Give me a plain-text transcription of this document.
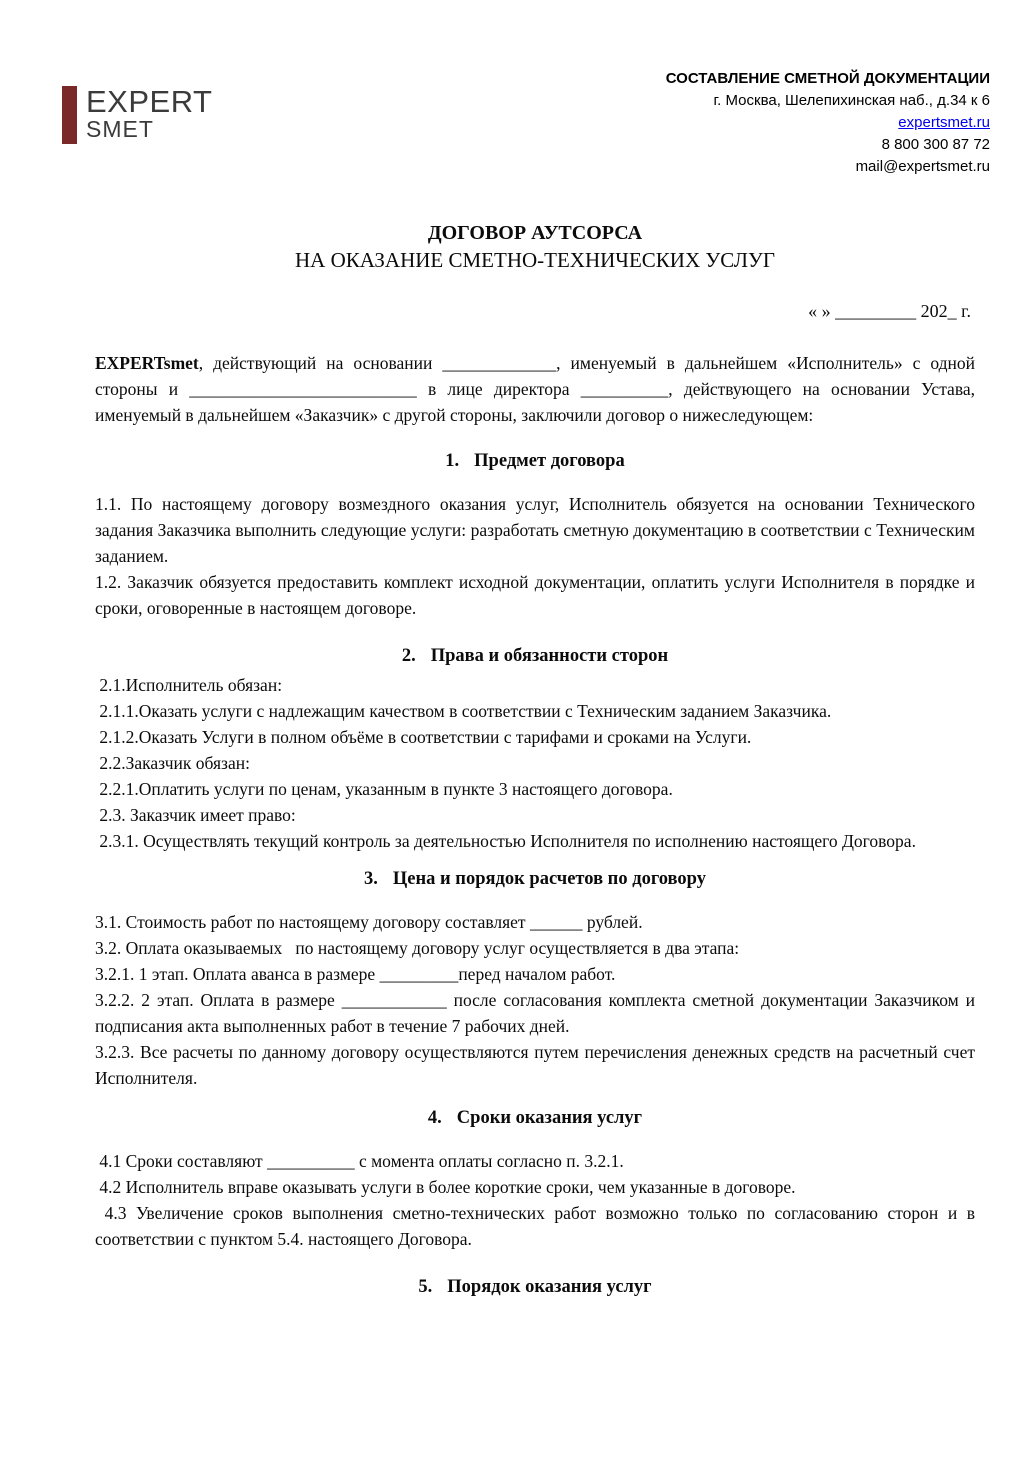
EXPERT
SMET
СОСТАВЛЕНИЕ СМЕТНОЙ ДОКУМЕНТАЦИИ
г. Москва, Шелепихинская наб., д.34 к 6
expertsmet.ru
8 800 300 87 72
mail@expertsmet.ru
ДОГОВОР АУТСОРСА
НА ОКАЗАНИЕ СМЕТНО-ТЕХНИЧЕСКИХ УСЛУГ
« » _________ 202_ г.

EXPERTsmet, действующий на основании _____________, именуемый в дальнейшем «Исполнитель» с одной стороны и __________________________ в лице директора __________, действующего на основании Устава, именуемый в дальнейшем «Заказчик» с другой стороны, заключили договор о нижеследующем:

1. Предмет договора

1.1. По настоящему договору возмездного оказания услуг, Исполнитель обязуется на основании Технического задания Заказчика выполнить следующие услуги: разработать сметную документацию в соответствии с Техническим заданием.

1.2. Заказчик обязуется предоставить комплект исходной документации, оплатить услуги Исполнителя в порядке и сроки, оговоренные в настоящем договоре.

2. Права и обязанности сторон

2.1.Исполнитель обязан:

2.1.1.Оказать услуги с надлежащим качеством в соответствии с Техническим заданием Заказчика.

2.1.2.Оказать Услуги в полном объёме в соответствии с тарифами и сроками на Услуги.

2.2.Заказчик обязан:

2.2.1.Оплатить услуги по ценам, указанным в пункте 3 настоящего договора.

2.3. Заказчик имеет право:

2.3.1. Осуществлять текущий контроль за деятельностью Исполнителя по исполнению настоящего Договора.

3. Цена и порядок расчетов по договору

3.1. Стоимость работ по настоящему договору составляет ______ рублей.

3.2. Оплата оказываемых   по настоящему договору услуг осуществляется в два этапа:

3.2.1. 1 этап. Оплата аванса в размере _________перед началом работ.

3.2.2. 2 этап. Оплата в размере ____________ после согласования комплекта сметной документации Заказчиком и подписания акта выполненных работ в течение 7 рабочих дней.

3.2.3. Все расчеты по данному договору осуществляются путем перечисления денежных средств на расчетный счет Исполнителя.

4. Сроки оказания услуг

4.1 Сроки составляют __________ с момента оплаты согласно п. 3.2.1.

4.2 Исполнитель вправе оказывать услуги в более короткие сроки, чем указанные в договоре.

4.3 Увеличение сроков выполнения сметно-технических работ возможно только по согласованию сторон и в соответствии с пунктом 5.4. настоящего Договора.

5. Порядок оказания услуг
